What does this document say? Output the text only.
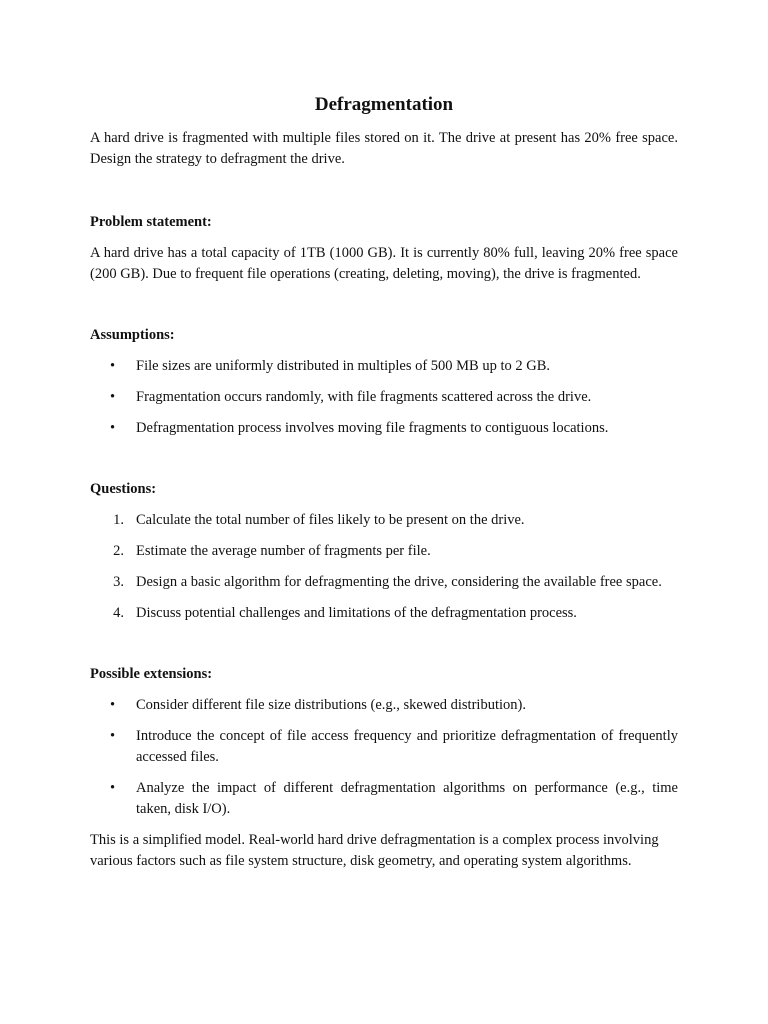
Defragmentation

A hard drive is fragmented with multiple files stored on it. The drive at present has 20% free space. Design the strategy to defragment the drive.

Problem statement:

A hard drive has a total capacity of 1TB (1000 GB). It is currently 80% full, leaving 20% free space (200 GB). Due to frequent file operations (creating, deleting, moving), the drive is fragmented.

Assumptions:
• File sizes are uniformly distributed in multiples of 500 MB up to 2 GB.
• Fragmentation occurs randomly, with file fragments scattered across the drive.
• Defragmentation process involves moving file fragments to contiguous locations.
Questions:
1. Calculate the total number of files likely to be present on the drive.
2. Estimate the average number of fragments per file.
3. Design a basic algorithm for defragmenting the drive, considering the available free space.
4. Discuss potential challenges and limitations of the defragmentation process.
Possible extensions:
• Consider different file size distributions (e.g., skewed distribution).
• Introduce the concept of file access frequency and prioritize defragmentation of frequently accessed files.
• Analyze the impact of different defragmentation algorithms on performance (e.g., time taken, disk I/O).

This is a simplified model. Real-world hard drive defragmentation is a complex process involving various factors such as file system structure, disk geometry, and operating system algorithms.
